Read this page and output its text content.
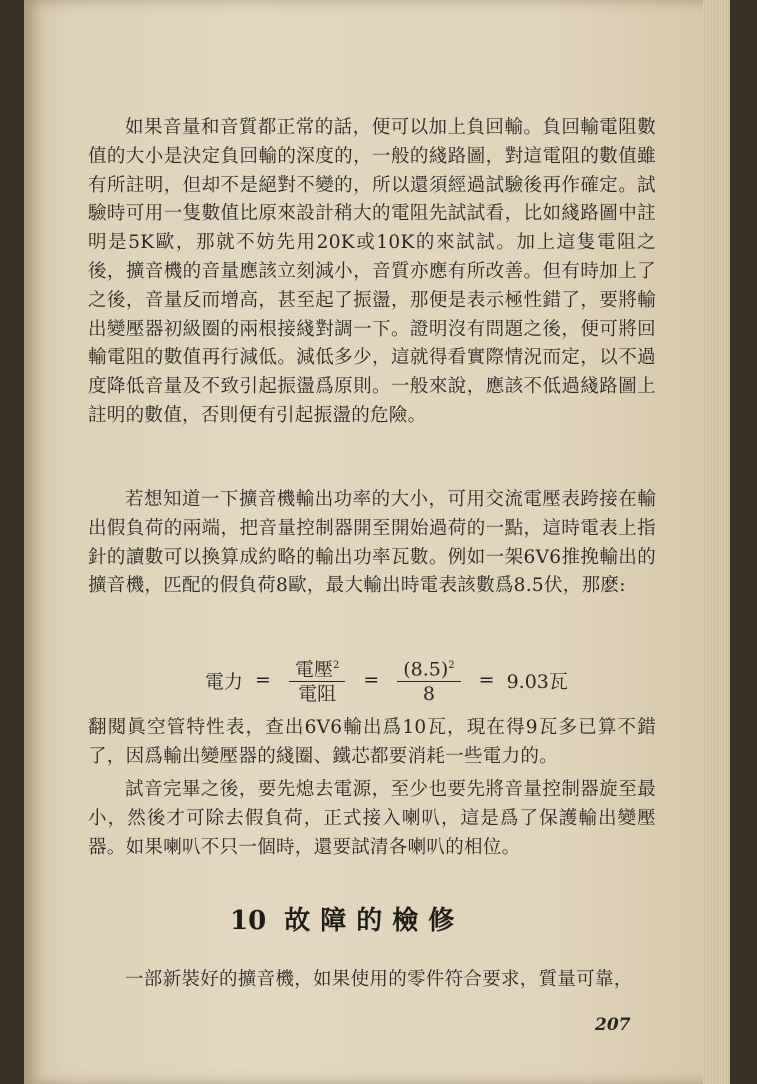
如果音量和音質都正常的話，便可以加上負回輸。負回輸電阻數值的大小是決定負回輸的深度的，一般的綫路圖，對這電阻的數值雖有所註明，但却不是絕對不變的，所以還須經過試驗後再作確定。試驗時可用一隻數值比原來設計稍大的電阻先試試看，比如綫路圖中註明是5K歐，那就不妨先用20K或10K的來試試。加上這隻電阻之後，擴音機的音量應該立刻減小，音質亦應有所改善。但有時加上了之後，音量反而增高，甚至起了振盪，那便是表示極性錯了，要將輸出變壓器初級圈的兩根接綫對調一下。證明沒有問題之後，便可將回輸電阻的數值再行減低。減低多少，這就得看實際情況而定，以不過度降低音量及不致引起振盪爲原則。一般來說，應該不低過綫路圖上註明的數值，否則便有引起振盪的危險。

若想知道一下擴音機輸出功率的大小，可用交流電壓表跨接在輸出假負荷的兩端，把音量控制器開至開始過荷的一點，這時電表上指針的讀數可以換算成約略的輸出功率瓦數。例如一架6V6推挽輸出的擴音機，匹配的假負荷8歐，最大輸出時電表該數爲8.5伏，那麽:

電力 = $\frac{電壓^2}{\text{電阻}} = \frac{(8.5)^2}{8} = 9.03$瓦

翻閱眞空管特性表，查出6V6輸出爲10瓦，現在得9瓦多已算不錯了，因爲輸出變壓器的綫圈、鐵芯都要消耗一些電力的。

試音完畢之後，要先熄去電源，至少也要先將音量控制器旋至最小，然後才可除去假負荷，正式接入喇叭，這是爲了保護輸出變壓器。如果喇叭不只一個時，還要試清各喇叭的相位。

10 故障的檢修

一部新裝好的擴音機，如果使用的零件符合要求，質量可靠，

207
